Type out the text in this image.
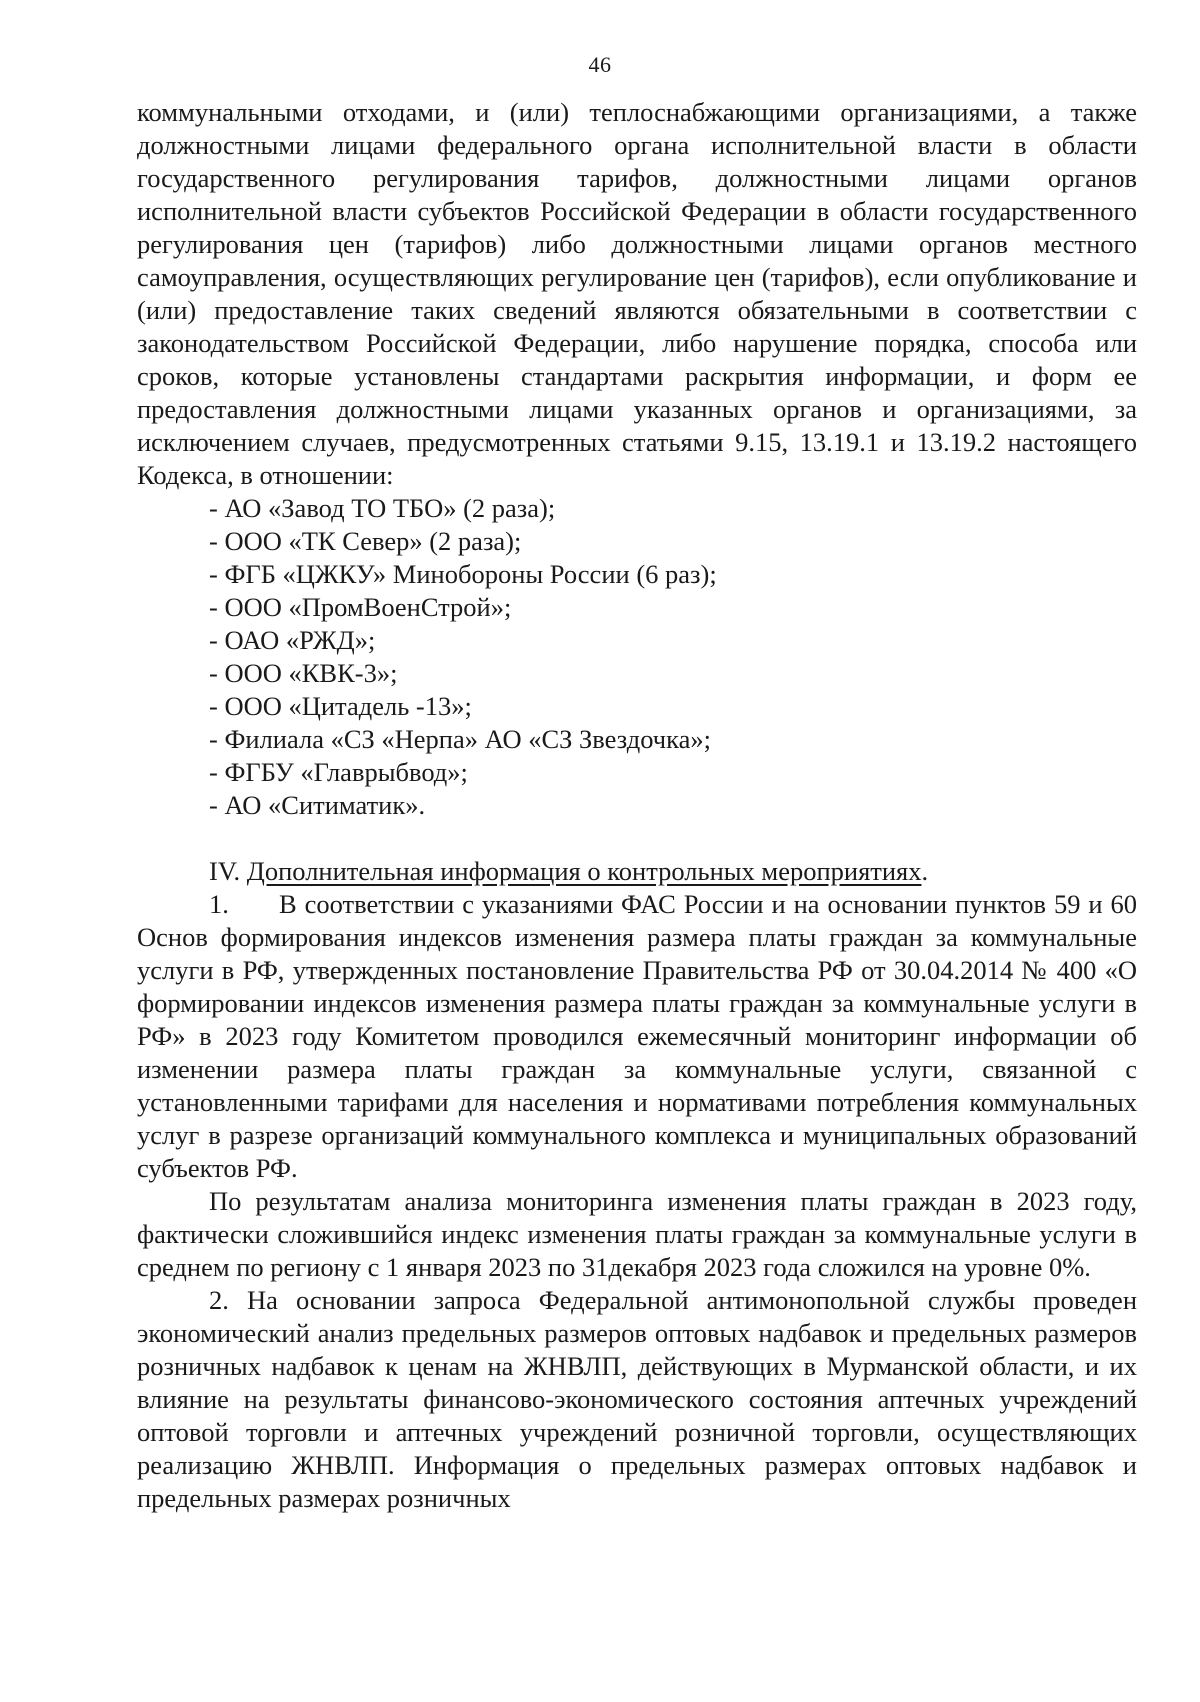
46

коммунальными отходами, и (или) теплоснабжающими организациями, а также должностными лицами федерального органа исполнительной власти в области государственного регулирования тарифов, должностными лицами органов исполнительной власти субъектов Российской Федерации в области государственного регулирования цен (тарифов) либо должностными лицами органов местного самоуправления, осуществляющих регулирование цен (тарифов), если опубликование и (или) предоставление таких сведений являются обязательными в соответствии с законодательством Российской Федерации, либо нарушение порядка, способа или сроков, которые установлены стандартами раскрытия информации, и форм ее предоставления должностными лицами указанных органов и организациями, за исключением случаев, предусмотренных статьями 9.15, 13.19.1 и 13.19.2 настоящего Кодекса, в отношении:

- АО «Завод ТО ТБО» (2 раза);
- ООО «ТК Север» (2 раза);
- ФГБ «ЦЖКУ» Минобороны России (6 раз);
- ООО «ПромВоенСтрой»;
- ОАО «РЖД»;
- ООО «КВК-3»;
- ООО «Цитадель -13»;
- Филиала «СЗ «Нерпа» АО «СЗ Звездочка»;
- ФГБУ «Главрыбвод»;
- АО «Ситиматик».

IV. Дополнительная информация о контрольных мероприятиях.

1. В соответствии с указаниями ФАС России и на основании пунктов 59 и 60 Основ формирования индексов изменения размера платы граждан за коммунальные услуги в РФ, утвержденных постановление Правительства РФ от 30.04.2014 № 400 «О формировании индексов изменения размера платы граждан за коммунальные услуги в РФ» в 2023 году Комитетом проводился ежемесячный мониторинг информации об изменении размера платы граждан за коммунальные услуги, связанной с установленными тарифами для населения и нормативами потребления коммунальных услуг в разрезе организаций коммунального комплекса и муниципальных образований субъектов РФ.

По результатам анализа мониторинга изменения платы граждан в 2023 году, фактически сложившийся индекс изменения платы граждан за коммунальные услуги в среднем по региону с 1 января 2023 по 31декабря 2023 года сложился на уровне 0%.

2. На основании запроса Федеральной антимонопольной службы проведен экономический анализ предельных размеров оптовых надбавок и предельных размеров розничных надбавок к ценам на ЖНВЛП, действующих в Мурманской области, и их влияние на результаты финансово-экономического состояния аптечных учреждений оптовой торговли и аптечных учреждений розничной торговли, осуществляющих реализацию ЖНВЛП. Информация о предельных размерах оптовых надбавок и предельных размерах розничных
